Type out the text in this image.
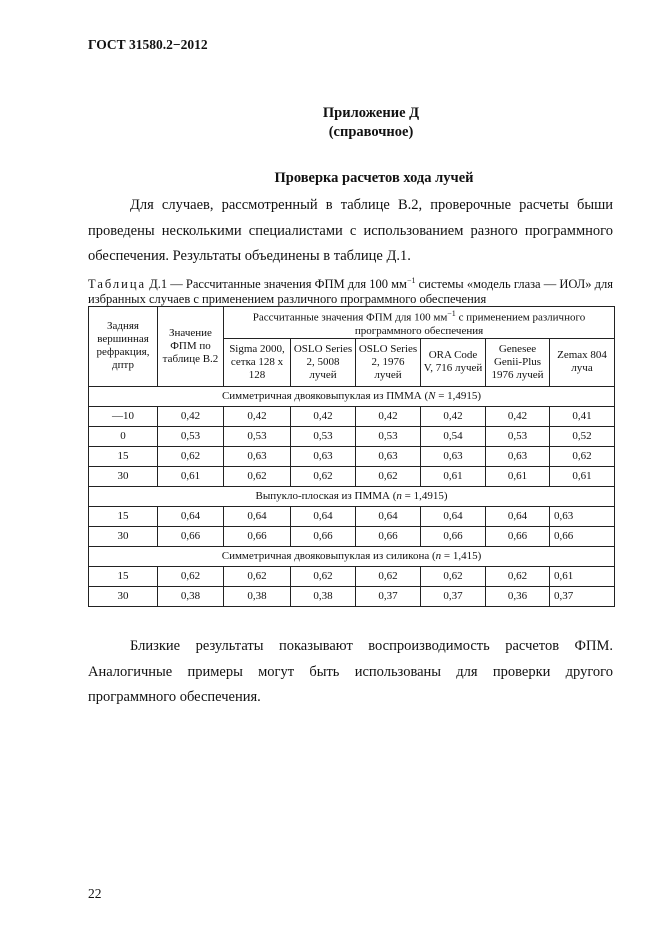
ГОСТ 31580.2−2012
Приложение Д
(справочное)
Проверка расчетов хода лучей
Для случаев, рассмотренный в таблице В.2, проверочные расчеты быши проведены несколькими специалистами с использованием разного программного обеспечения. Результаты объединены в таблице Д.1.
Таблица Д.1 — Рассчитанные значения ФПМ для 100 $мм^{-1}$ системы «модель глаза — ИОЛ» для избранных случаев с применением различного программного обеспечения
Задняя вершинная рефракция, дптр	Значение ФПМ по таблице В.2	Рассчитанные значения ФПМ для 100 $мм^{-1}$ с применением различного программного обеспечения					
		Sigma 2000, сетка 128 x 128	OSLO Series 2, 5008 лучей	OSLO Series 2, 1976 лучей	ORA Code V, 716 лучей	Genesee Genii-Plus 1976 лучей	Zemax 804 луча
Симметричная двояковыпуклая из ПММА (N = 1,4915)							
—10	0,42	0,42	0,42	0,42	0,42	0,42	0,41
0	0,53	0,53	0,53	0,53	0,54	0,53	0,52
15	0,62	0,63	0,63	0,63	0,63	0,63	0,62
30	0,61	0,62	0,62	0,62	0,61	0,61	0,61
Выпукло-плоская из ПММА (n = 1,4915)							
15	0,64	0,64	0,64	0,64	0,64	0,64	0,63
30	0,66	0,66	0,66	0,66	0,66	0,66	0,66
Симметричная двояковыпуклая из силикона (n = 1,415)							
15	0,62	0,62	0,62	0,62	0,62	0,62	0,61
30	0,38	0,38	0,38	0,37	0,37	0,36	0,37
Близкие результаты показывают воспроизводимость расчетов ФПМ. Аналогичные примеры могут быть использованы для проверки другого программного обеспечения.
22
